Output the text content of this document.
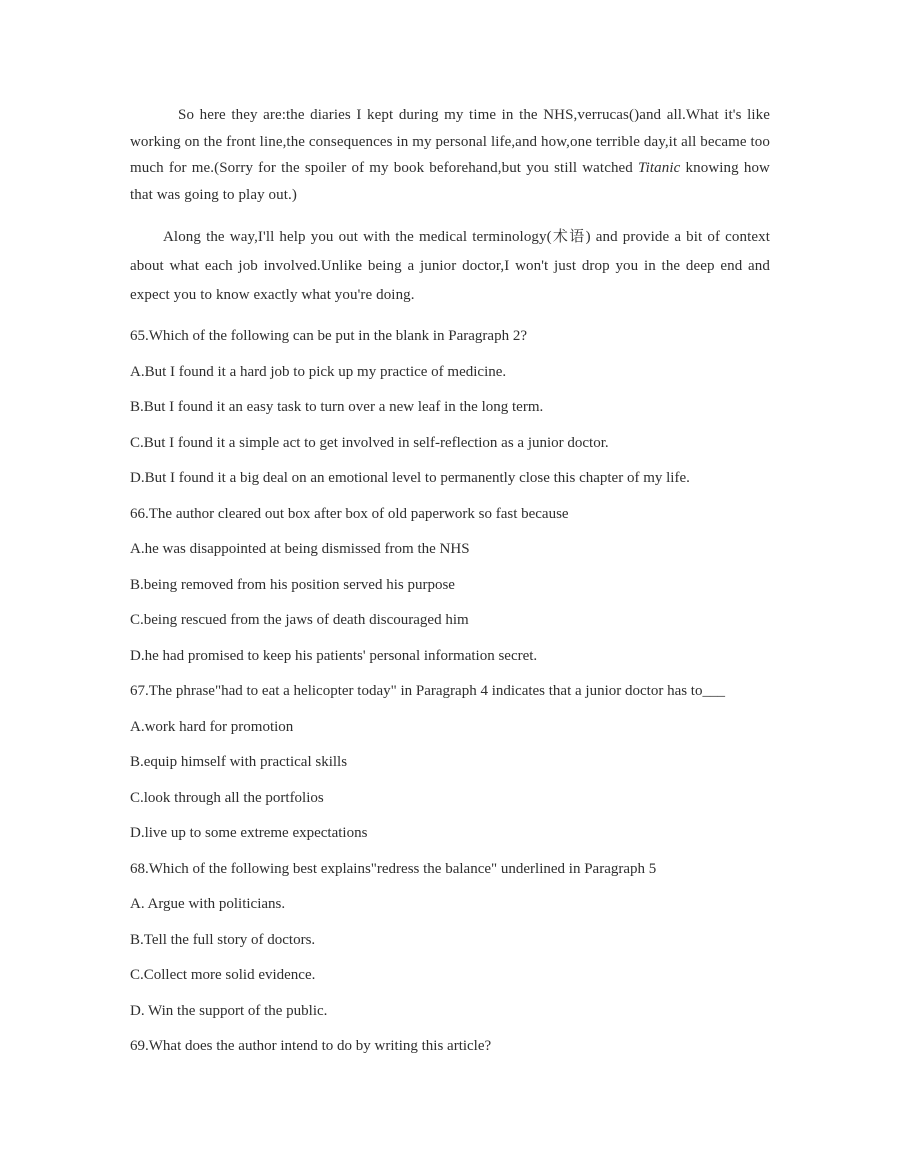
So here they are:the diaries I kept during my time in the NHS,verrucas()and all.What it's like working on the front line,the consequences in my personal life,and how,one terrible day,it all became too much for me.(Sorry for the spoiler of my book beforehand,but you still watched Titanic knowing how that was going to play out.)

Along the way,I'll help you out with the medical terminology(术语) and provide a bit of context about what each job involved.Unlike being a junior doctor,I won't just drop you in the deep end and expect you to know exactly what you're doing.

65.Which of the following can be put in the blank in Paragraph 2?

A.But I found it a hard job to pick up my practice of medicine.

B.But I found it an easy task to turn over a new leaf in the long term.

C.But I found it a simple act to get involved in self-reflection as a junior doctor.

D.But I found it a big deal on an emotional level to permanently close this chapter of my life.

66.The author cleared out box after box of old paperwork so fast because

A.he was disappointed at being dismissed from the NHS

B.being removed from his position served his purpose

C.being rescued from the jaws of death discouraged him

D.he had promised to keep his patients' personal information secret.

67.The phrase"had to eat a helicopter today" in Paragraph 4 indicates that a junior doctor has to___

A.work hard for promotion

B.equip himself with practical skills

C.look through all the portfolios

D.live up to some extreme expectations

68.Which of the following best explains"redress the balance" underlined in Paragraph 5

A. Argue with politicians.

B.Tell the full story of doctors.

C.Collect more solid evidence.

D. Win the support of the public.

69.What does the author intend to do by writing this article?
